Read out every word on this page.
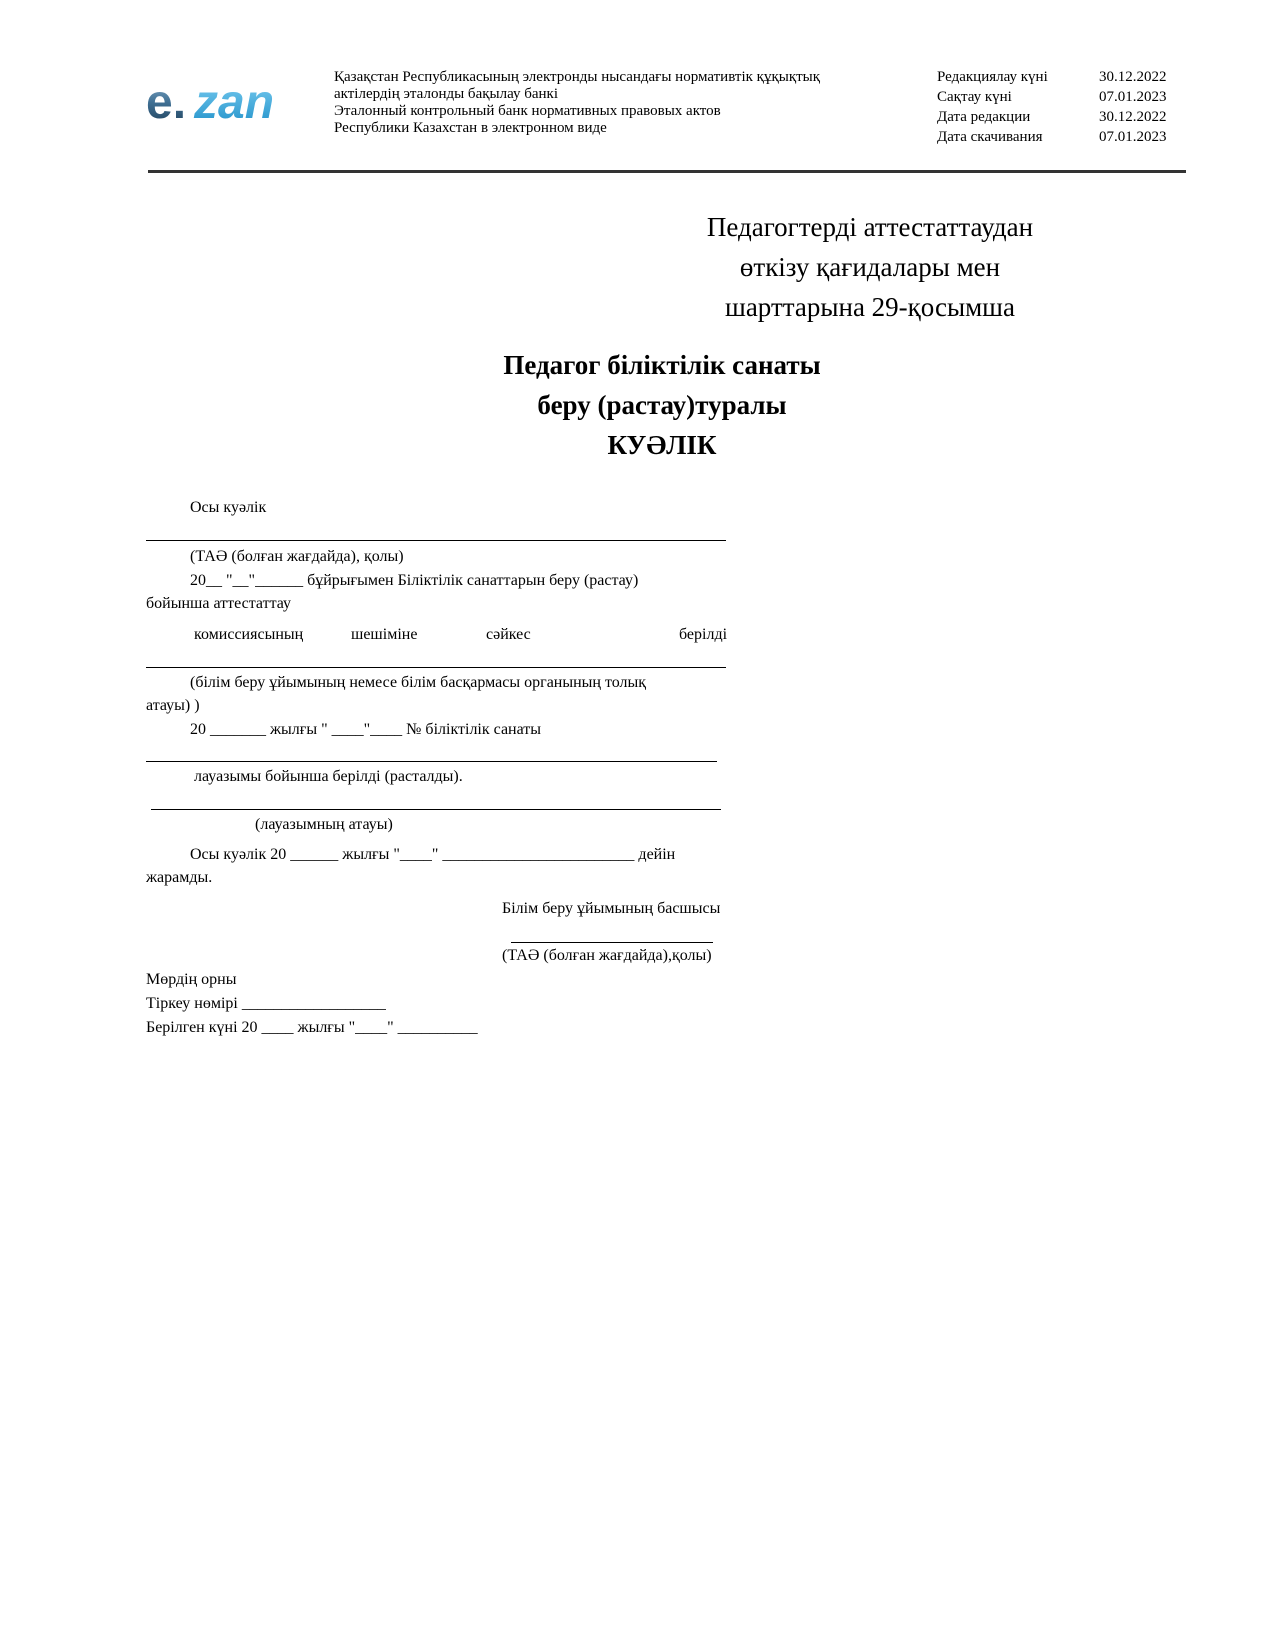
e. zan	Қазақстан Республикасының электронды нысандағы нормативтік құқықтық
актілердің эталонды бақылау банкі
Эталонный контрольный банк нормативных правовых актов
Республики Казахстан в электронном виде
Редакциялау күні	30.12.2022
Сақтау күні	07.01.2023
Дата редакции	30.12.2022
Дата скачивания	07.01.2023
Педагогтерді аттестаттаудан
өткізу қағидалары мен
шарттарына 29-қосымша
Педагог біліктілік санаты
беру (растау)туралы
КУӘЛІК
Осы куәлік
(ТАӘ (болған жағдайда), қолы)
20__ "__"______ бұйрығымен Біліктілік санаттарын беру (растау)
бойынша аттестаттау
комиссиясының	шешіміне	сәйкес	берілді
(білім беру ұйымының немесе білім басқармасы органының толық
атауы) )
20 _______ жылғы " ____"____ № біліктілік санаты
лауазымы бойынша берілді (расталды).
(лауазымның атауы)
Осы куәлік 20 ______ жылғы "____" ________________________ дейін
жарамды.
Білім беру ұйымының басшысы
(ТАӘ (болған жағдайда),қолы)
Мөрдің орны
Тіркеу нөмірі __________________
Берілген күні 20 ____ жылғы "____" __________
